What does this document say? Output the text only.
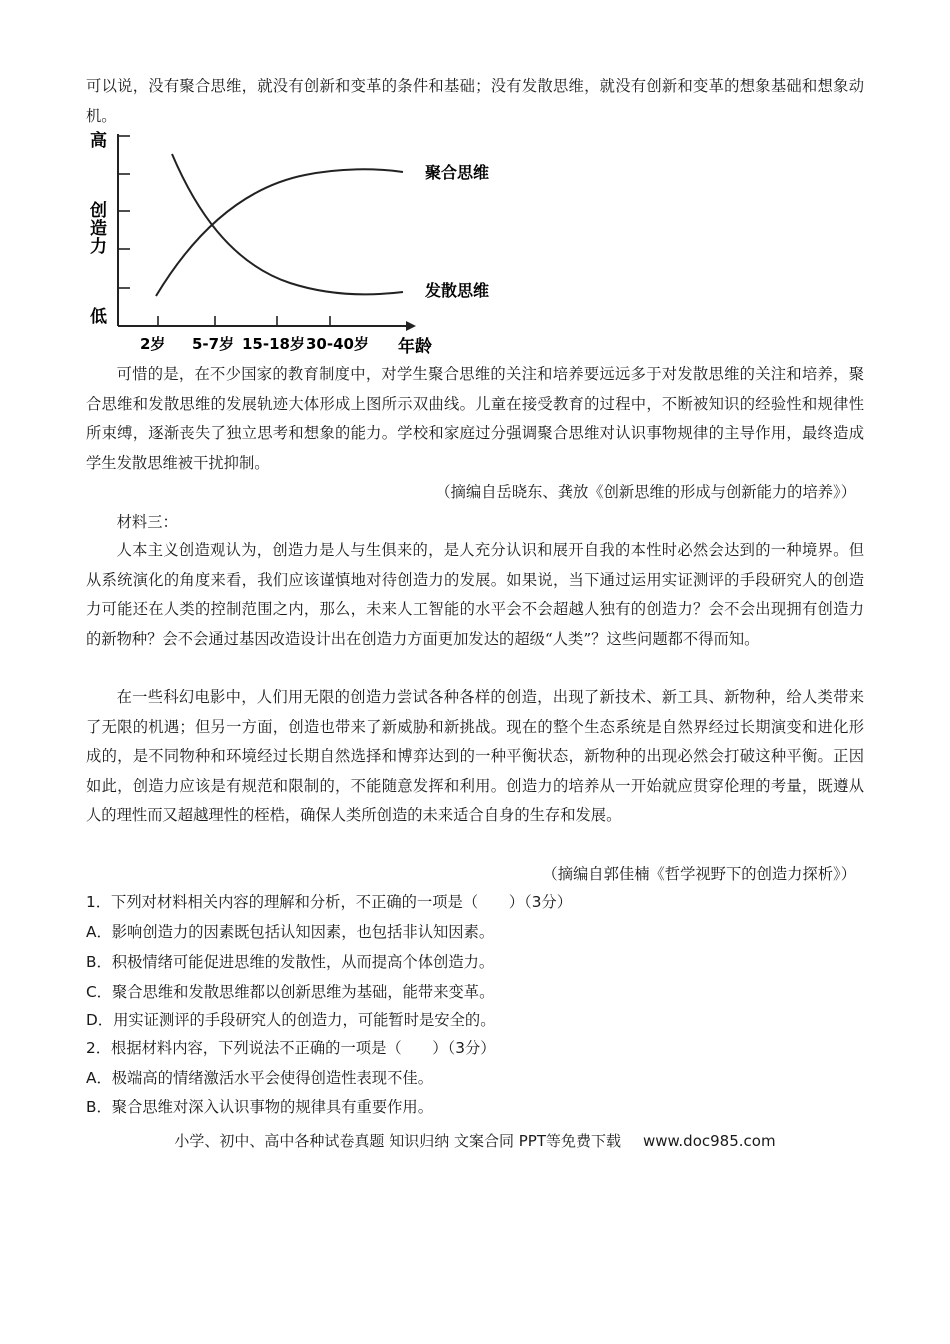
可以说，没有聚合思维，就没有创新和变革的条件和基础；没有发散思维，就没有创新和变革的想象基础和想象动机。

高
创
造
力
低
2岁 5-7岁 15-18岁 30-40岁 年龄
聚合思维
发散思维

可惜的是，在不少国家的教育制度中，对学生聚合思维的关注和培养要远远多于对发散思维的关注和培养，聚合思维和发散思维的发展轨迹大体形成上图所示双曲线。儿童在接受教育的过程中，不断被知识的经验性和规律性所束缚，逐渐丧失了独立思考和想象的能力。学校和家庭过分强调聚合思维对认识事物规律的主导作用，最终造成学生发散思维被干扰抑制。

（摘编自岳晓东、龚放《创新思维的形成与创新能力的培养》）

材料三：

人本主义创造观认为，创造力是人与生俱来的，是人充分认识和展开自我的本性时必然会达到的一种境界。但从系统演化的角度来看，我们应该谨慎地对待创造力的发展。如果说，当下通过运用实证测评的手段研究人的创造力可能还在人类的控制范围之内，那么，未来人工智能的水平会不会超越人独有的创造力？会不会出现拥有创造力的新物种？会不会通过基因改造设计出在创造力方面更加发达的超级“人类”？这些问题都不得而知。

在一些科幻电影中，人们用无限的创造力尝试各种各样的创造，出现了新技术、新工具、新物种，给人类带来了无限的机遇；但另一方面，创造也带来了新威胁和新挑战。现在的整个生态系统是自然界经过长期演变和进化形成的，是不同物种和环境经过长期自然选择和博弈达到的一种平衡状态，新物种的出现必然会打破这种平衡。正因如此，创造力应该是有规范和限制的，不能随意发挥和利用。创造力的培养从一开始就应贯穿伦理的考量，既遵从人的理性而又超越理性的桎梏，确保人类所创造的未来适合自身的生存和发展。

（摘编自郭佳楠《哲学视野下的创造力探析》）

1．下列对材料相关内容的理解和分析，不正确的一项是（　　）（3分）

A．影响创造力的因素既包括认知因素，也包括非认知因素。

B．积极情绪可能促进思维的发散性，从而提高个体创造力。

C．聚合思维和发散思维都以创新思维为基础，能带来变革。

D．用实证测评的手段研究人的创造力，可能暂时是安全的。

2．根据材料内容，下列说法不正确的一项是（　　）（3分）

A．极端高的情绪激活水平会使得创造性表现不佳。

B．聚合思维对深入认识事物的规律具有重要作用。

小学、初中、高中各种试卷真题 知识归纳 文案合同 PPT等免费下载 www.doc985.com
